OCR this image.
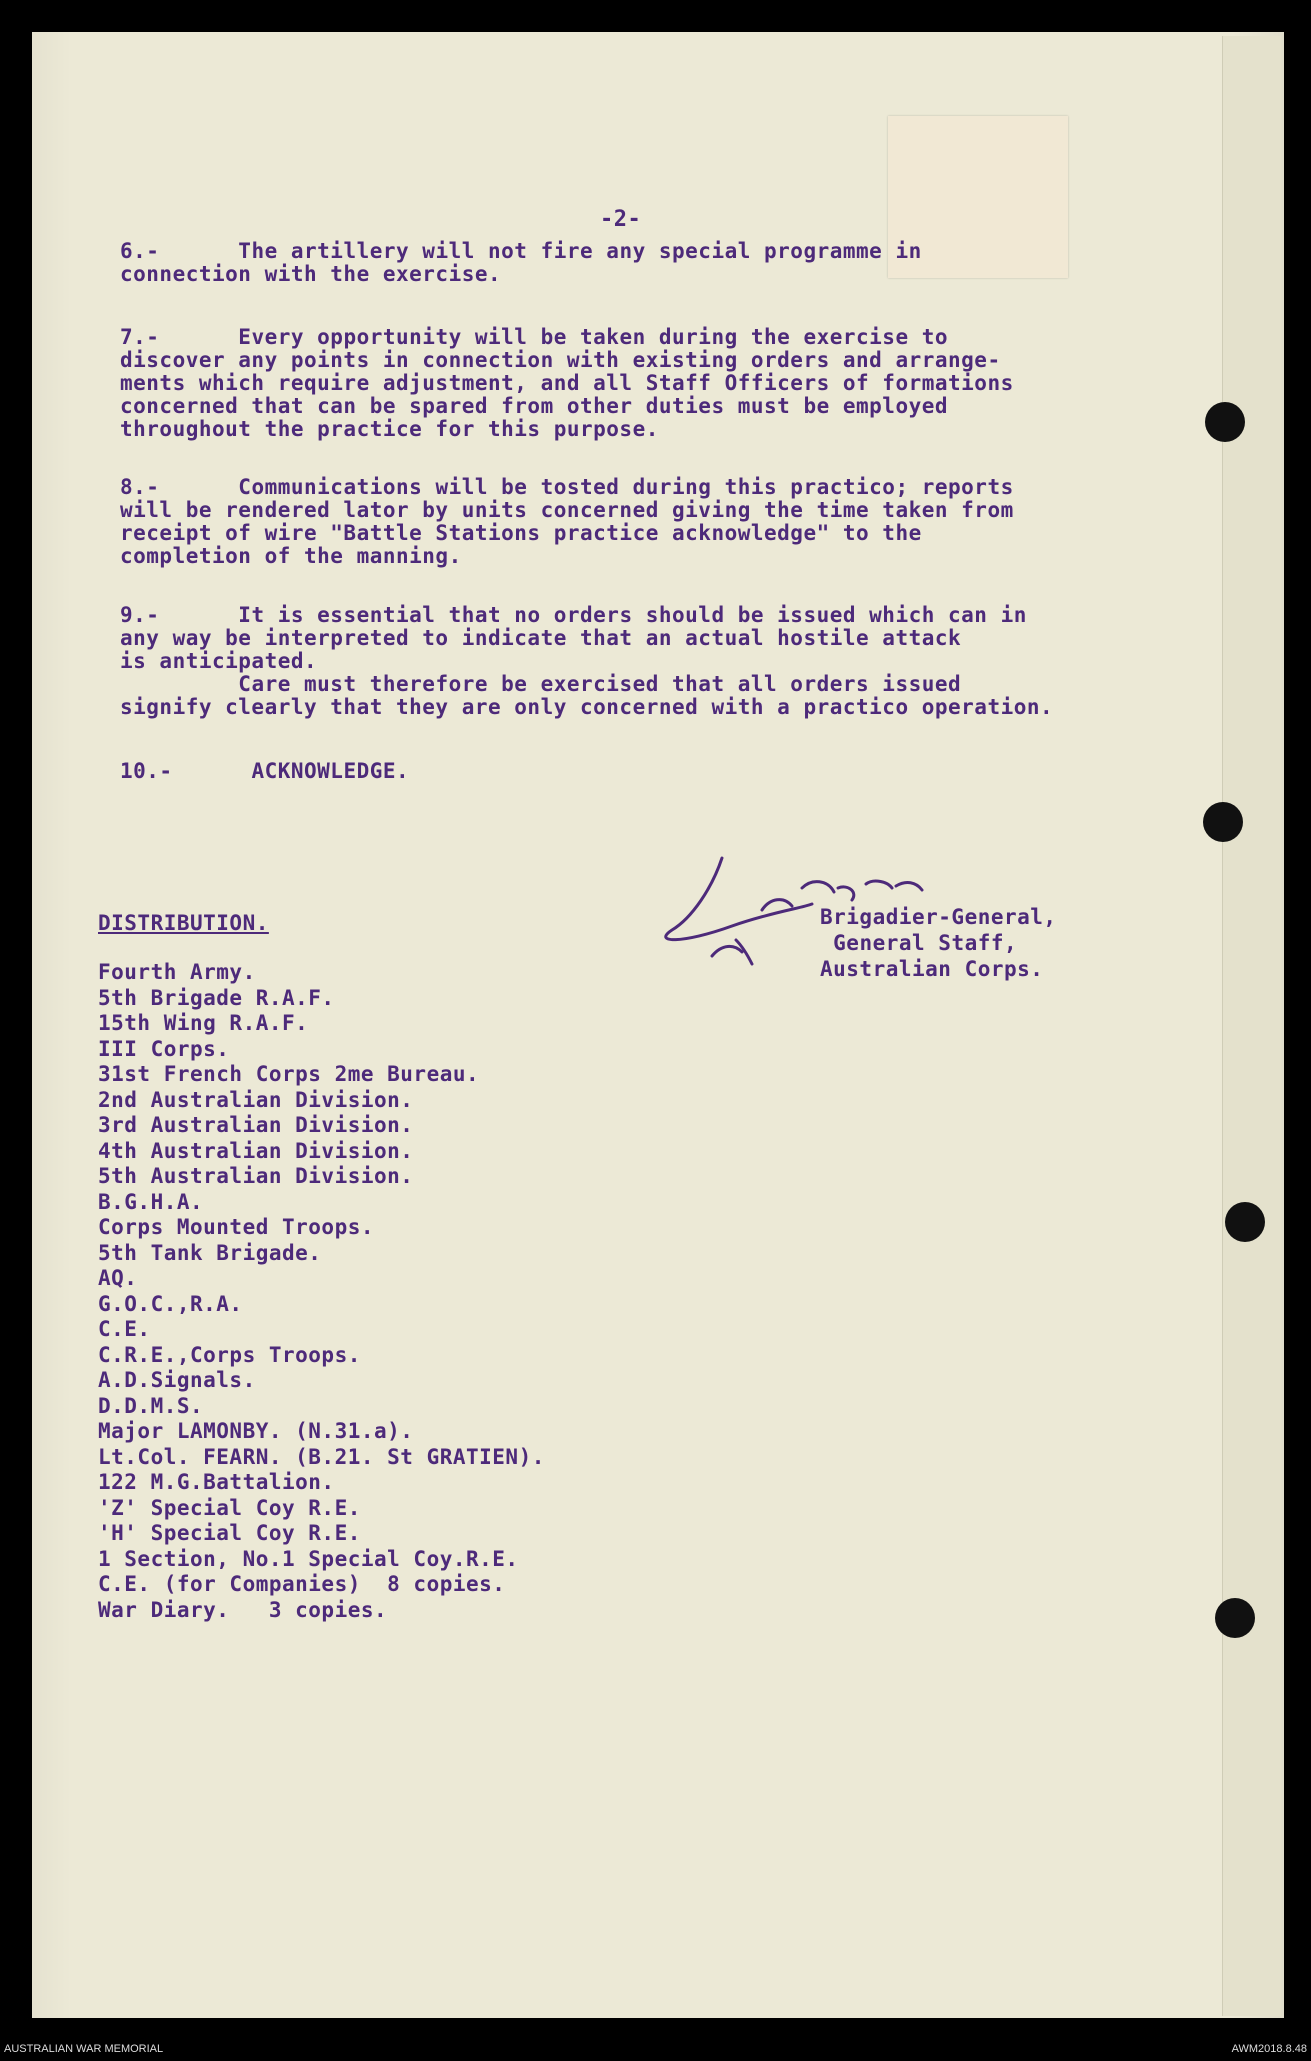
-2-
6.-	The artillery will not fire any special programme in
connection with the exercise.
7.-	Every opportunity will be taken during the exercise to
discover any points in connection with existing orders and arrange-
ments which require adjustment, and all Staff Officers of formations
concerned that can be spared from other duties must be employed
throughout the practice for this purpose.
8.-	Communications will be tosted during this practico; reports
will be rendered lator by units concerned giving the time taken from
receipt of wire "Battle Stations practice acknowledge" to the
completion of the manning.
9.-	It is essential that no orders should be issued which can in
any way be interpreted to indicate that an actual hostile attack
is anticipated.
Care must therefore be exercised that all orders issued
signify clearly that they are only concerned with a practico operation.
10.-	ACKNOWLEDGE.
Brigadier-General,
General Staff,
Australian Corps.
DISTRIBUTION.
Fourth Army.
5th Brigade R.A.F.
15th Wing R.A.F.
III Corps.
31st French Corps 2me Bureau.
2nd Australian Division.
3rd Australian Division.
4th Australian Division.
5th Australian Division.
B.G.H.A.
Corps Mounted Troops.
5th Tank Brigade.
AQ.
G.O.C.,R.A.
C.E.
C.R.E.,Corps Troops.
A.D.Signals.
D.D.M.S.
Major LAMONBY. (N.31.a).
Lt.Col. FEARN. (B.21. St GRATIEN).
122 M.G.Battalion.
'Z' Special Coy R.E.
'H' Special Coy R.E.
1 Section, No.1 Special Coy.R.E.
C.E. (for Companies)  8 copies.
War Diary.   3 copies.
AUSTRALIAN WAR MEMORIAL	AWM2018.8.48
